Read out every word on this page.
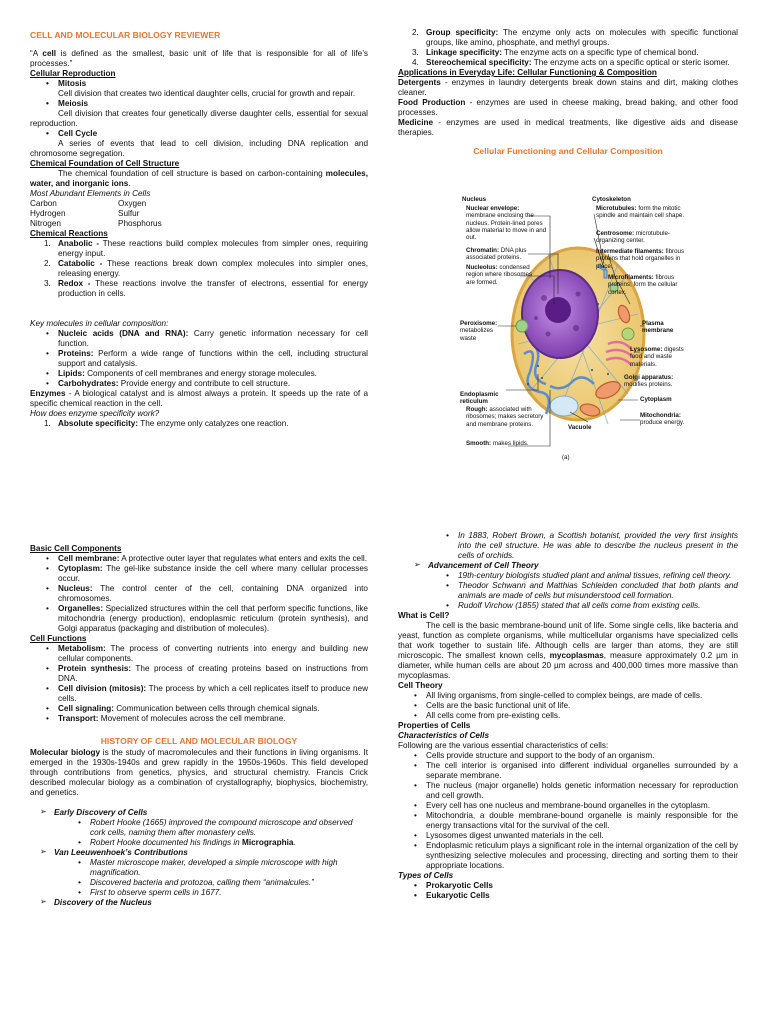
CELL AND MOLECULAR BIOLOGY REVIEWER

“A cell is defined as the smallest, basic unit of life that is responsible for all of life’s processes.”

Cellular Reproduction

• Mitosis

Cell division that creates two identical daughter cells, crucial for growth and repair.

• Meiosis

Cell division that creates four genetically diverse daughter cells, essential for sexual reproduction.

• Cell Cycle

A series of events that lead to cell division, including DNA replication and chromosome segregation.

Chemical Foundation of Cell Structure

The chemical foundation of cell structure is based on carbon-containing molecules, water, and inorganic ions.

Most Abundant Elements in Cells

Carbon	Oxygen
Hydrogen	Sulfur
Nitrogen	Phosphorus

Chemical Reactions

1. Anabolic - These reactions build complex molecules from simpler ones, requiring energy input.
2. Catabolic - These reactions break down complex molecules into simpler ones, releasing energy.
3. Redox - These reactions involve the transfer of electrons, essential for energy production in cells.

Key molecules in cellular composition:

• Nucleic acids (DNA and RNA): Carry genetic information necessary for cell function.
• Proteins: Perform a wide range of functions within the cell, including structural support and catalysis.
• Lipids: Components of cell membranes and energy storage molecules.
• Carbohydrates: Provide energy and contribute to cell structure.

Enzymes - A biological catalyst and is almost always a protein. It speeds up the rate of a specific chemical reaction in the cell.

How does enzyme specificity work?

1. Absolute specificity: The enzyme only catalyzes one reaction.
2. Group specificity: The enzyme only acts on molecules with specific functional groups, like amino, phosphate, and methyl groups.
3. Linkage specificity: The enzyme acts on a specific type of chemical bond.
4. Stereochemical specificity: The enzyme acts on a specific optical or steric isomer.

Applications in Everyday Life: Cellular Functioning & Composition

Detergents - enzymes in laundry detergents break down stains and dirt, making clothes cleaner.

Food Production - enzymes are used in cheese making, bread baking, and other food processes.

Medicine - enzymes are used in medical treatments, like digestive aids and disease therapies.

Cellular Functioning and Cellular Composition

Nucleus
Nuclear envelope: membrane enclosing the nucleus. Protein-lined pores allow material to move in and out.
Chromatin: DNA plus associated proteins.
Nucleolus: condensed region where ribosomes are formed.
Peroxisome: metabolizes waste
Endoplasmic reticulum
Rough: associated with ribosomes; makes secretory and membrane proteins.
Smooth: makes lipids.
Vacuole
Cytoskeleton
Microtubules: form the mitotic spindle and maintain cell shape.
Centrosome: microtubule-organizing center.
Intermediate filaments: fibrous proteins that hold organelles in place.
Microfilaments: fibrous proteins; form the cellular cortex.
Plasma membrane
Lysosome: digests food and waste materials.
Golgi apparatus: modifies proteins.
Cytoplasm
Mitochondria: produce energy.
(a)

Basic Cell Components

• Cell membrane: A protective outer layer that regulates what enters and exits the cell.
• Cytoplasm: The gel-like substance inside the cell where many cellular processes occur.
• Nucleus: The control center of the cell, containing DNA organized into chromosomes.
• Organelles: Specialized structures within the cell that perform specific functions, like mitochondria (energy production), endoplasmic reticulum (protein synthesis), and Golgi apparatus (packaging and distribution of molecules).

Cell Functions

• Metabolism: The process of converting nutrients into energy and building new cellular components.
• Protein synthesis: The process of creating proteins based on instructions from DNA.
• Cell division (mitosis): The process by which a cell replicates itself to produce new cells.
• Cell signaling: Communication between cells through chemical signals.
• Transport: Movement of molecules across the cell membrane.

HISTORY OF CELL AND MOLECULAR BIOLOGY

Molecular biology is the study of macromolecules and their functions in living organisms. It emerged in the 1930s-1940s and grew rapidly in the 1950s-1960s. This field developed through contributions from genetics, physics, and structural chemistry. Francis Crick described molecular biology as a combination of crystallography, biophysics, biochemistry, and genetics.

➢ Early Discovery of Cells
• Robert Hooke (1665) improved the compound microscope and observed cork cells, naming them after monastery cells.
• Robert Hooke documented his findings in Micrographia.
➢ Van Leeuwenhoek’s Contributions
• Master microscope maker, developed a simple microscope with high magnification.
• Discovered bacteria and protozoa, calling them “animalcules.”
• First to observe sperm cells in 1677.
➢ Discovery of the Nucleus
• In 1883, Robert Brown, a Scottish botanist, provided the very first insights into the cell structure. He was able to describe the nucleus present in the cells of orchids.
➢ Advancement of Cell Theory
• 19th-century biologists studied plant and animal tissues, refining cell theory.
• Theodor Schwann and Matthias Schleiden concluded that both plants and animals are made of cells but misunderstood cell formation.
• Rudolf Virchow (1855) stated that all cells come from existing cells.

What is Cell?

The cell is the basic membrane-bound unit of life. Some single cells, like bacteria and yeast, function as complete organisms, while multicellular organisms have specialized cells that work together to sustain life. Although cells are larger than atoms, they are still microscopic. The smallest known cells, mycoplasmas, measure approximately 0.2 µm in diameter, while human cells are about 20 µm across and 400,000 times more massive than mycoplasmas.

Cell Theory

• All living organisms, from single-celled to complex beings, are made of cells.
• Cells are the basic functional unit of life.
• All cells come from pre-existing cells.

Properties of Cells

Characteristics of Cells

Following are the various essential characteristics of cells:

• Cells provide structure and support to the body of an organism.
• The cell interior is organised into different individual organelles surrounded by a separate membrane.
• The nucleus (major organelle) holds genetic information necessary for reproduction and cell growth.
• Every cell has one nucleus and membrane-bound organelles in the cytoplasm.
• Mitochondria, a double membrane-bound organelle is mainly responsible for the energy transactions vital for the survival of the cell.
• Lysosomes digest unwanted materials in the cell.
• Endoplasmic reticulum plays a significant role in the internal organization of the cell by synthesizing selective molecules and processing, directing and sorting them to their appropriate locations.

Types of Cells

• Prokaryotic Cells
• Eukaryotic Cells
